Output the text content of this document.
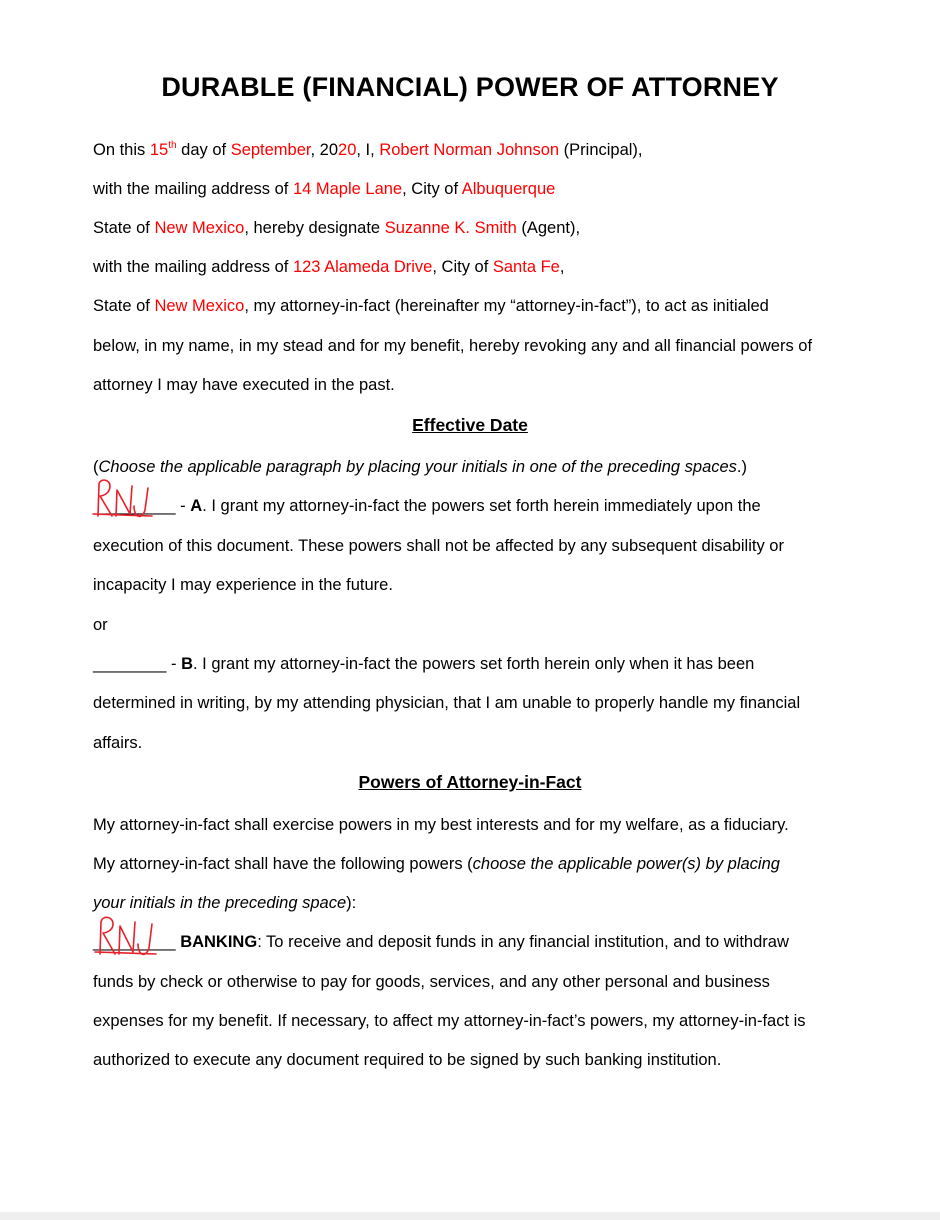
DURABLE (FINANCIAL) POWER OF ATTORNEY
On this 15th day of September, 2020, I, Robert Norman Johnson (Principal),
with the mailing address of 14 Maple Lane, City of Albuquerque
State of New Mexico, hereby designate Suzanne K. Smith (Agent),
with the mailing address of 123 Alameda Drive, City of Santa Fe,
State of New Mexico, my attorney-in-fact (hereinafter my “attorney-in-fact”), to act as initialed
below, in my name, in my stead and for my benefit, hereby revoking any and all financial powers of
attorney I may have executed in the past.
Effective Date
(Choose the applicable paragraph by placing your initials in one of the preceding spaces.)
_________ - A. I grant my attorney-in-fact the powers set forth herein immediately upon the
execution of this document. These powers shall not be affected by any subsequent disability or
incapacity I may experience in the future.
or
________ - B. I grant my attorney-in-fact the powers set forth herein only when it has been
determined in writing, by my attending physician, that I am unable to properly handle my financial
affairs.
Powers of Attorney-in-Fact
My attorney-in-fact shall exercise powers in my best interests and for my welfare, as a fiduciary.
My attorney-in-fact shall have the following powers (choose the applicable power(s) by placing
your initials in the preceding space):
_________ BANKING: To receive and deposit funds in any financial institution, and to withdraw
funds by check or otherwise to pay for goods, services, and any other personal and business
expenses for my benefit. If necessary, to affect my attorney-in-fact’s powers, my attorney-in-fact is
authorized to execute any document required to be signed by such banking institution.
